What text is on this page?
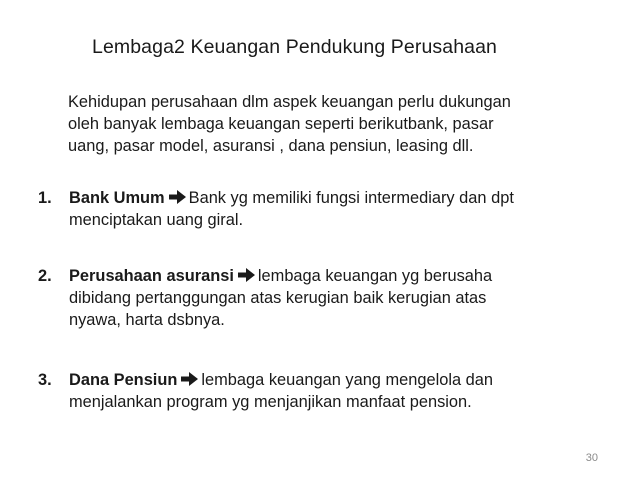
Lembaga2 Keuangan Pendukung Perusahaan
Kehidupan perusahaan dlm aspek keuangan perlu dukungan
oleh banyak lembaga keuangan seperti berikutbank, pasar
uang, pasar model, asuransi , dana pensiun, leasing dll.
1. Bank Umum Bank yg memiliki fungsi intermediary dan dpt
menciptakan uang giral.
2. Perusahaan asuransi lembaga keuangan yg berusaha
dibidang pertanggungan atas kerugian baik kerugian atas
nyawa, harta dsbnya.
3. Dana Pensiun lembaga keuangan yang mengelola dan
menjalankan program yg menjanjikan manfaat pension.
30
